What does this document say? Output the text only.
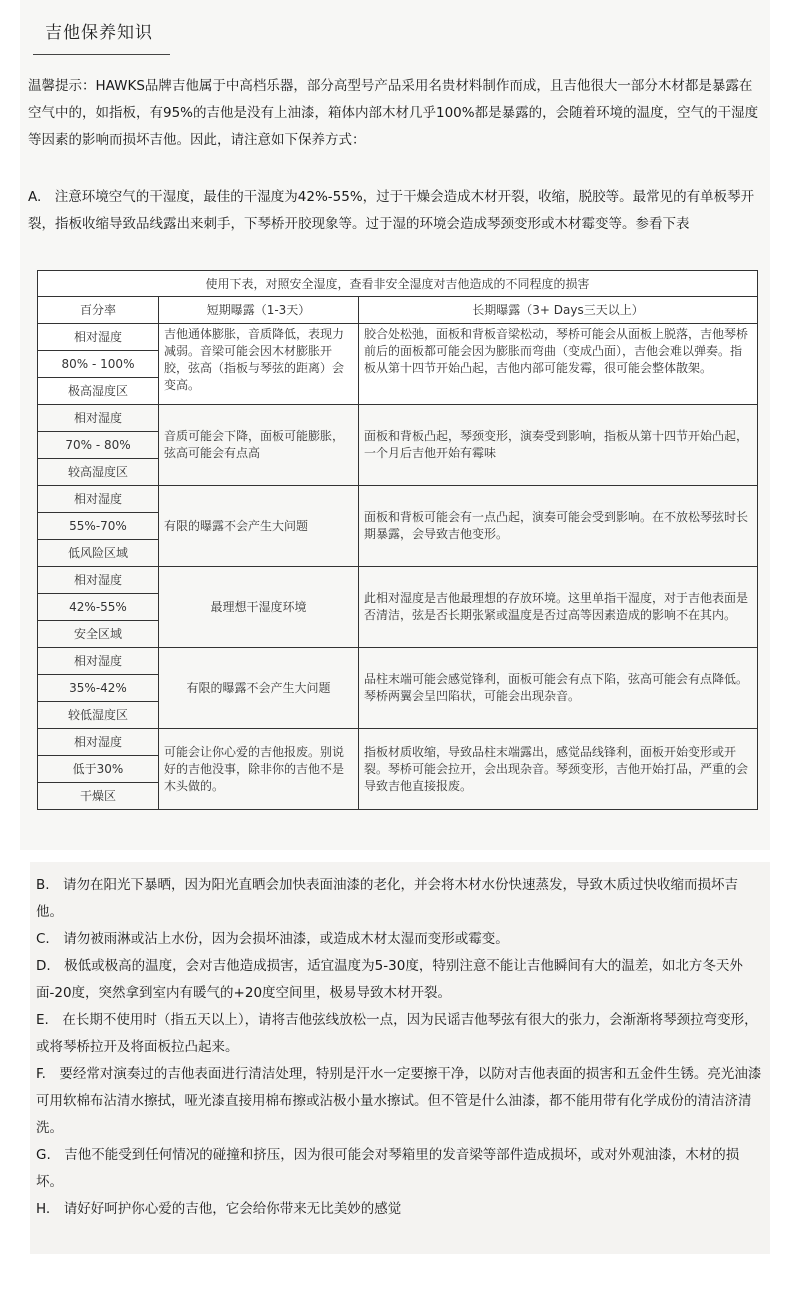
吉他保养知识
温馨提示：HAWKS品牌吉他属于中高档乐器，部分高型号产品采用名贵材料制作而成，且吉他很大一部分木材都是暴露在空气中的，如指板，有95%的吉他是没有上油漆，箱体内部木材几乎100%都是暴露的，会随着环境的温度，空气的干湿度等因素的影响而损坏吉他。因此，请注意如下保养方式：
A.　注意环境空气的干湿度，最佳的干湿度为42%-55%，过于干燥会造成木材开裂，收缩，脱胶等。最常见的有单板琴开裂，指板收缩导致品线露出来刺手，下琴桥开胶现象等。过于湿的环境会造成琴颈变形或木材霉变等。参看下表
使用下表，对照安全湿度，查看非安全湿度对吉他造成的不同程度的损害		
百分率	短期曝露（1-3天）	长期曝露（3+ Days三天以上）
相对湿度	吉他通体膨胀，音质降低，表现力减弱。音梁可能会因木材膨胀开胶，弦高（指板与琴弦的距离）会变高。	胶合处松弛，面板和背板音梁松动，琴桥可能会从面板上脱落，吉他琴桥前后的面板都可能会因为膨胀而弯曲（变成凸面），吉他会难以弹奏。指板从第十四节开始凸起，吉他内部可能发霉，很可能会整体散架。
80% - 100%		
极高湿度区		
相对湿度	音质可能会下降，面板可能膨胀，弦高可能会有点高	面板和背板凸起，琴颈变形，演奏受到影响，指板从第十四节开始凸起，一个月后吉他开始有霉味
70% - 80%		
较高湿度区		
相对湿度	有限的曝露不会产生大问题	面板和背板可能会有一点凸起，演奏可能会受到影响。在不放松琴弦时长期暴露，会导致吉他变形。
55%-70%		
低风险区域		
相对湿度	最理想干湿度环境	此相对湿度是吉他最理想的存放环境。这里单指干湿度，对于吉他表面是否清洁，弦是否长期张紧或温度是否过高等因素造成的影响不在其内。
42%-55%		
安全区域		
相对湿度	有限的曝露不会产生大问题	品柱末端可能会感觉锋利，面板可能会有点下陷，弦高可能会有点降低。琴桥两翼会呈凹陷状，可能会出现杂音。
35%-42%		
较低湿度区		
相对湿度	可能会让你心爱的吉他报废。别说好的吉他没事，除非你的吉他不是木头做的。	指板材质收缩，导致品柱末端露出，感觉品线锋利，面板开始变形或开裂。琴桥可能会拉开，会出现杂音。琴颈变形，吉他开始打品，严重的会导致吉他直接报废。
低于30%		
干燥区		
B.　请勿在阳光下暴晒，因为阳光直晒会加快表面油漆的老化，并会将木材水份快速蒸发，导致木质过快收缩而损坏吉他。
C.　请勿被雨淋或沾上水份，因为会损坏油漆，或造成木材太湿而变形或霉变。
D.　极低或极高的温度，会对吉他造成损害，适宜温度为5-30度，特别注意不能让吉他瞬间有大的温差，如北方冬天外面-20度，突然拿到室内有暖气的+20度空间里，极易导致木材开裂。
E.　在长期不使用时（指五天以上），请将吉他弦线放松一点，因为民谣吉他琴弦有很大的张力，会渐渐将琴颈拉弯变形，或将琴桥拉开及将面板拉凸起来。
F.　要经常对演奏过的吉他表面进行清洁处理，特别是汗水一定要擦干净，以防对吉他表面的损害和五金件生锈。亮光油漆可用软棉布沾清水擦拭，哑光漆直接用棉布擦或沾极小量水擦试。但不管是什么油漆，都不能用带有化学成份的清洁济清洗。
G.　吉他不能受到任何情况的碰撞和挤压，因为很可能会对琴箱里的发音梁等部件造成损坏，或对外观油漆，木材的损坏。
H.　请好好呵护你心爱的吉他，它会给你带来无比美妙的感觉
